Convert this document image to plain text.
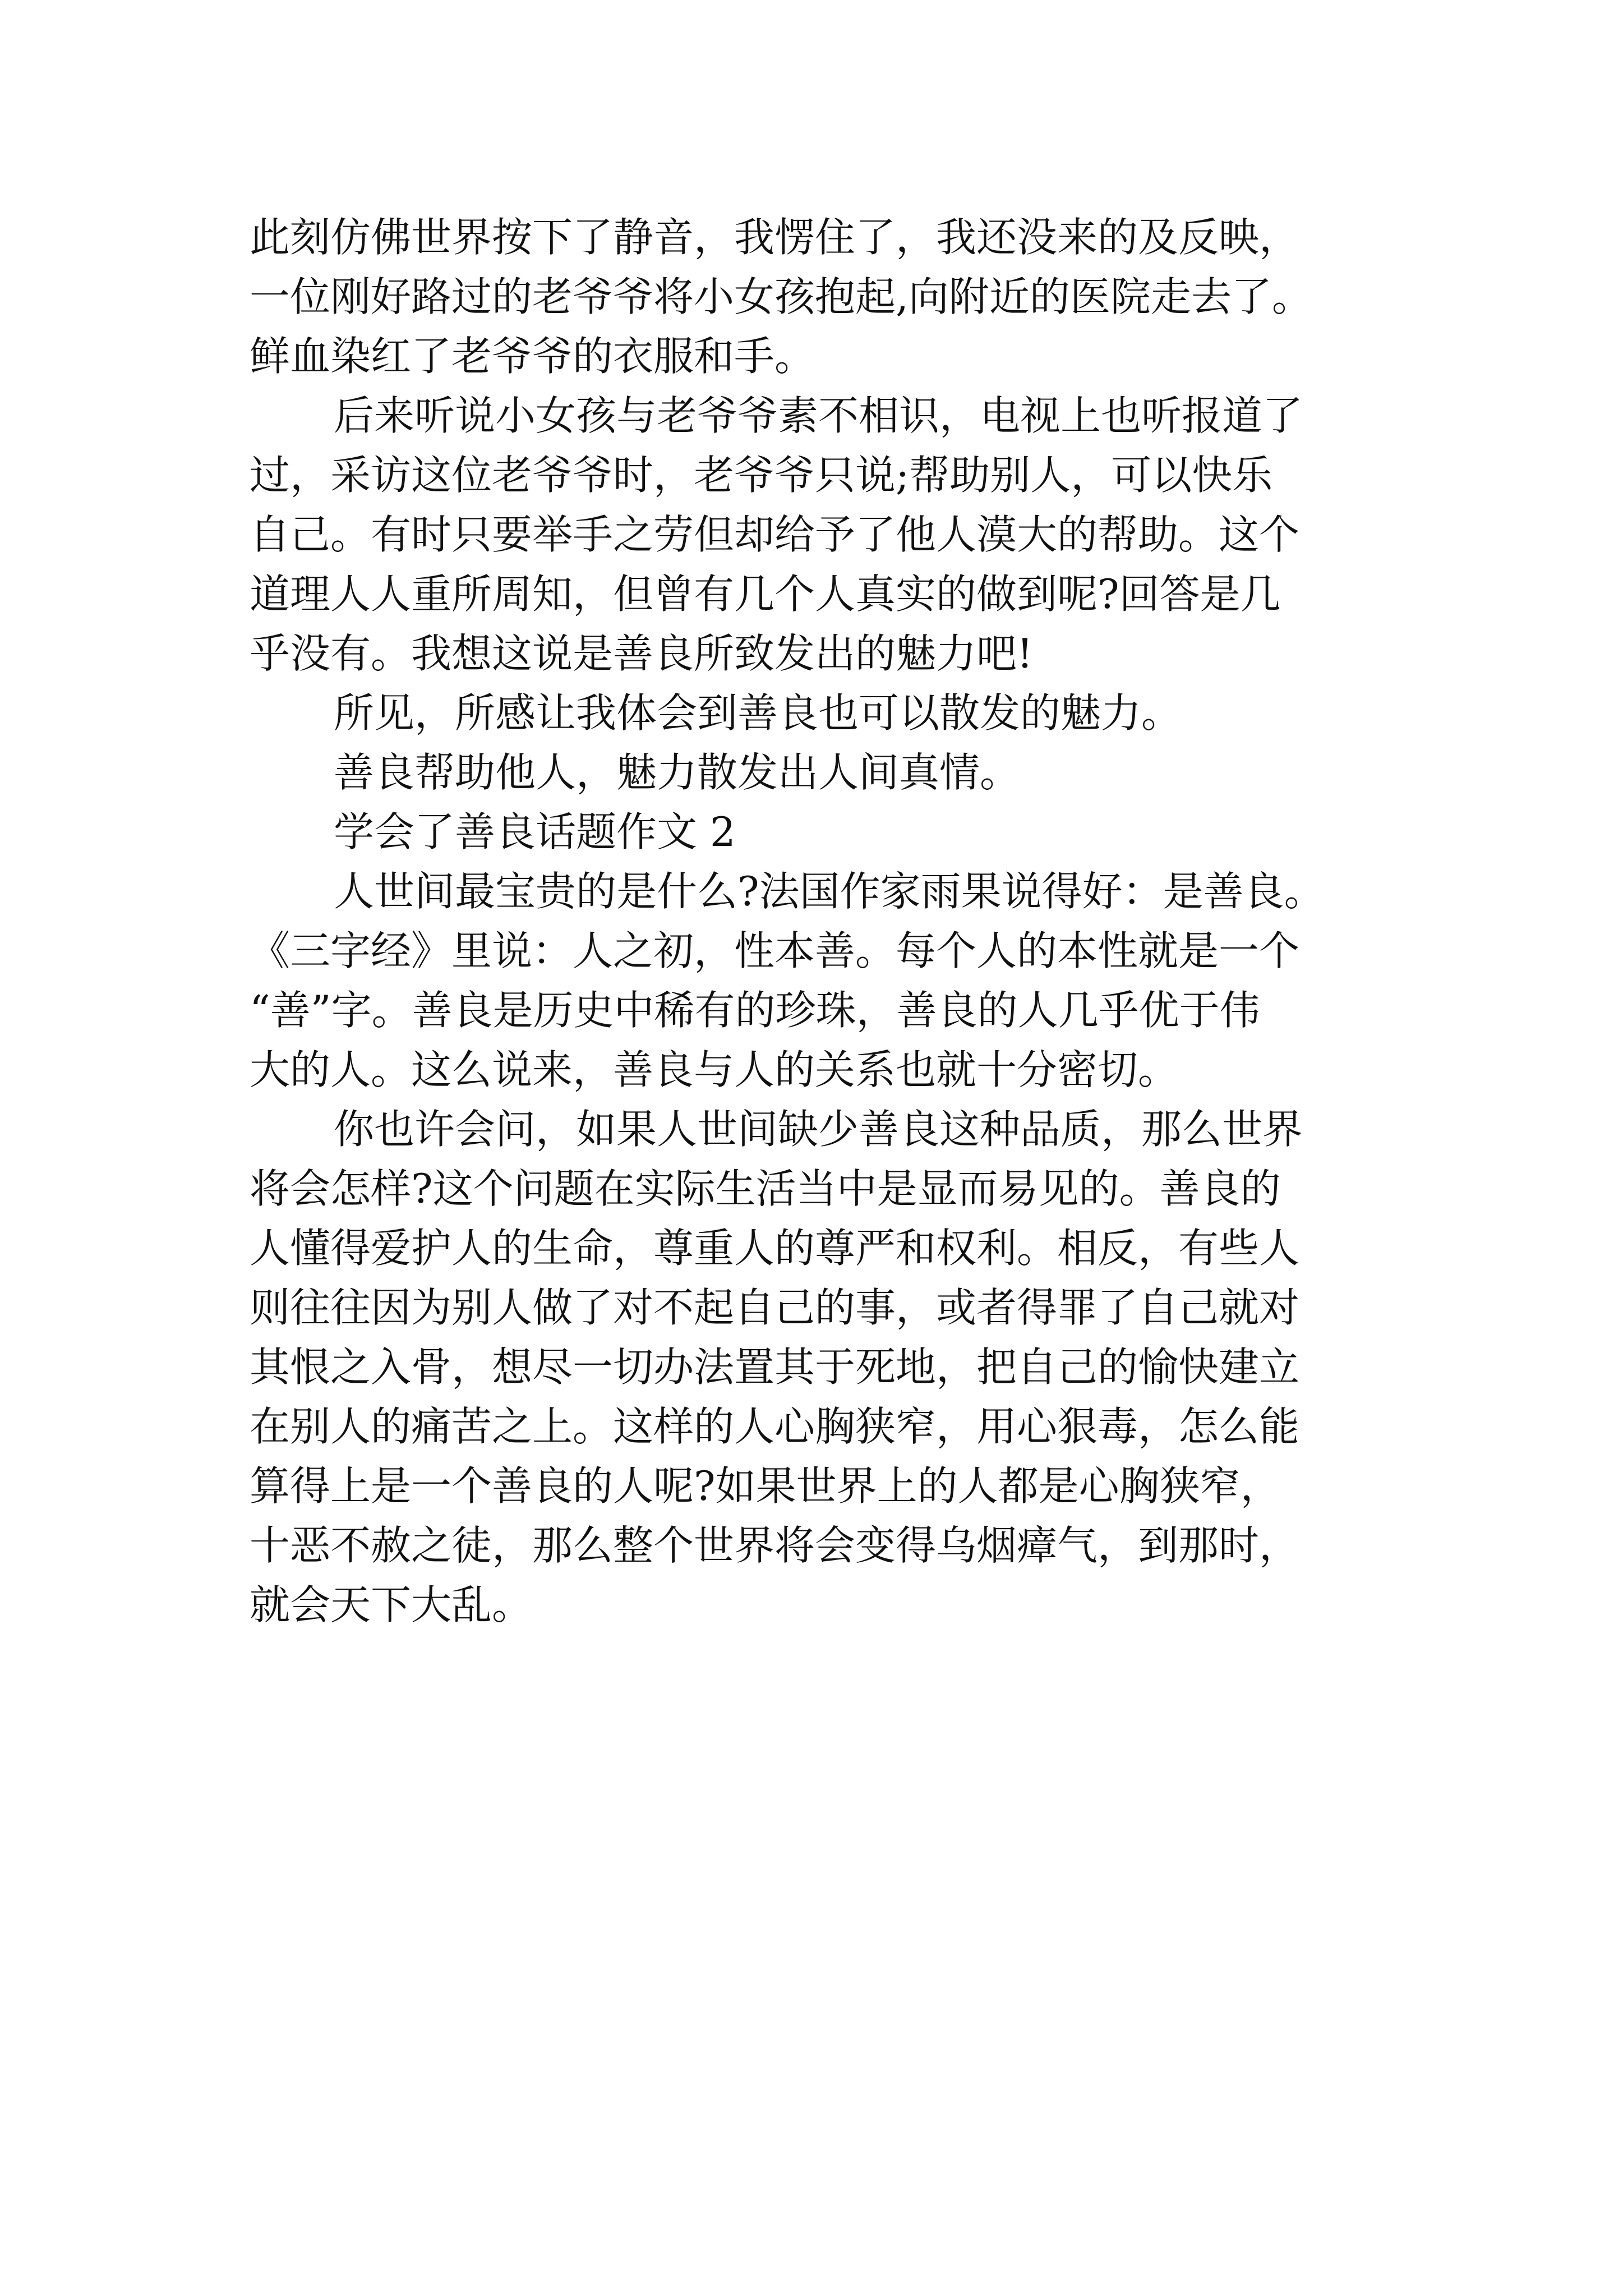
此刻仿佛世界按下了静音，我愣住了，我还没来的及反映，
一位刚好路过的老爷爷将小女孩抱起,向附近的医院走去了。
鲜血染红了老爷爷的衣服和手。
后来听说小女孩与老爷爷素不相识，电视上也听报道了
过，采访这位老爷爷时，老爷爷只说;帮助别人，可以快乐
自己。有时只要举手之劳但却给予了他人漠大的帮助。这个
道理人人重所周知，但曾有几个人真实的做到呢?回答是几
乎没有。我想这说是善良所致发出的魅力吧!
所见，所感让我体会到善良也可以散发的魅力。
善良帮助他人，魅力散发出人间真情。
学会了善良话题作文 2
人世间最宝贵的是什么?法国作家雨果说得好：是善良。
《三字经》里说：人之初，性本善。每个人的本性就是一个
“善”字。善良是历史中稀有的珍珠，善良的人几乎优于伟
大的人。这么说来，善良与人的关系也就十分密切。
你也许会问，如果人世间缺少善良这种品质，那么世界
将会怎样?这个问题在实际生活当中是显而易见的。善良的
人懂得爱护人的生命，尊重人的尊严和权利。相反，有些人
则往往因为别人做了对不起自己的事，或者得罪了自己就对
其恨之入骨，想尽一切办法置其于死地，把自己的愉快建立
在别人的痛苦之上。这样的人心胸狭窄，用心狠毒，怎么能
算得上是一个善良的人呢?如果世界上的人都是心胸狭窄，
十恶不赦之徒，那么整个世界将会变得乌烟瘴气，到那时，
就会天下大乱。
